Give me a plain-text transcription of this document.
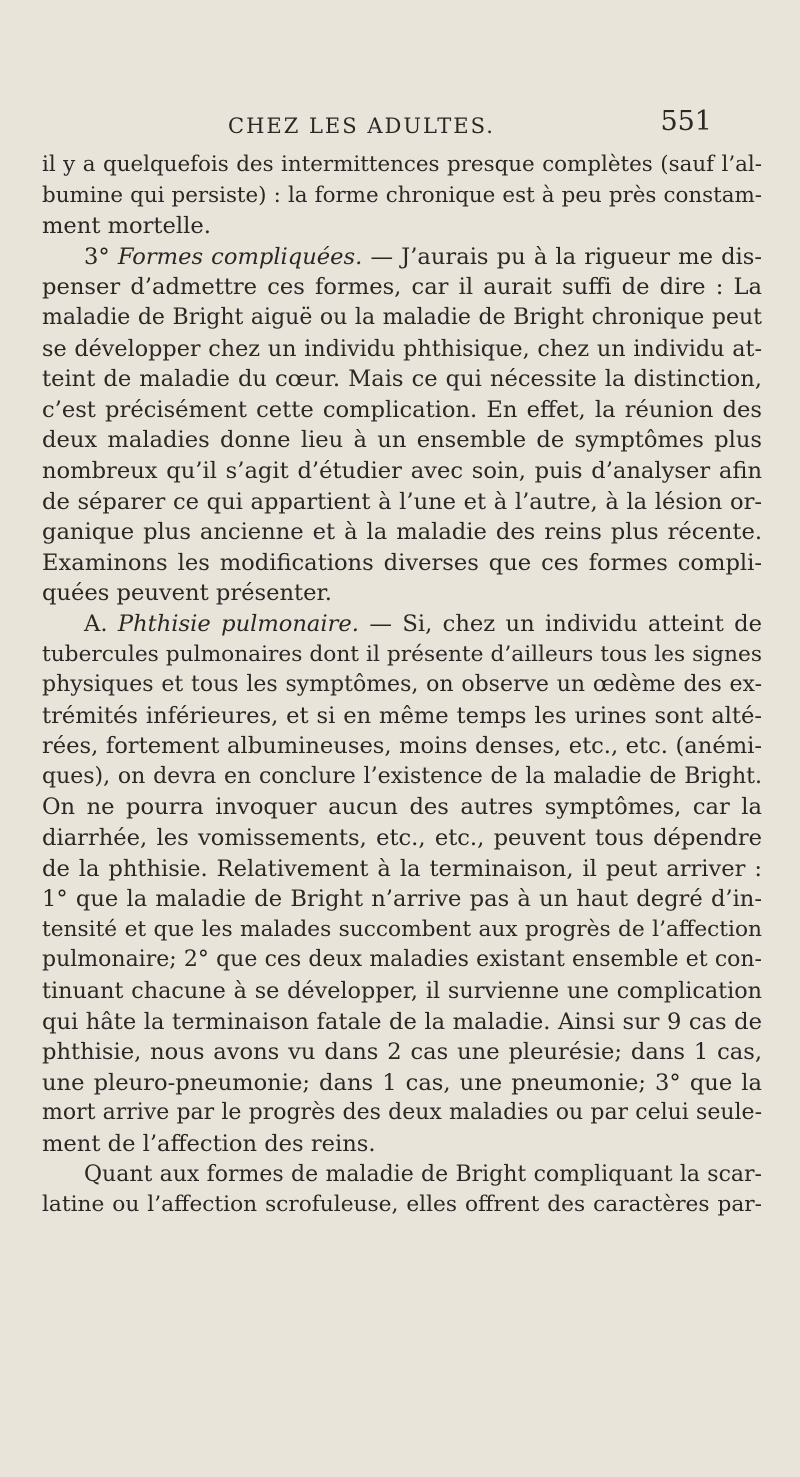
CHEZ LES ADULTES.	551
il y a quelquefois des intermittences presque complètes (sauf l’al-
bumine qui persiste) : la forme chronique est à peu près constam-
ment mortelle.
3° Formes compliquées. — J’aurais pu à la rigueur me dis-
penser d’admettre ces formes, car il aurait suffi de dire : La
maladie de Bright aiguë ou la maladie de Bright chronique peut
se développer chez un individu phthisique, chez un individu at-
teint de maladie du cœur. Mais ce qui nécessite la distinction,
c’est précisément cette complication. En effet, la réunion des
deux maladies donne lieu à un ensemble de symptômes plus
nombreux qu’il s’agit d’étudier avec soin, puis d’analyser afin
de séparer ce qui appartient à l’une et à l’autre, à la lésion or-
ganique plus ancienne et à la maladie des reins plus récente.
Examinons les modifications diverses que ces formes compli-
quées peuvent présenter.
A. Phthisie pulmonaire. — Si, chez un individu atteint de
tubercules pulmonaires dont il présente d’ailleurs tous les signes
physiques et tous les symptômes, on observe un œdème des ex-
trémités inférieures, et si en même temps les urines sont alté-
rées, fortement albumineuses, moins denses, etc., etc. (anémi-
ques), on devra en conclure l’existence de la maladie de Bright.
On ne pourra invoquer aucun des autres symptômes, car la
diarrhée, les vomissements, etc., etc., peuvent tous dépendre
de la phthisie. Relativement à la terminaison, il peut arriver :
1° que la maladie de Bright n’arrive pas à un haut degré d’in-
tensité et que les malades succombent aux progrès de l’affection
pulmonaire; 2° que ces deux maladies existant ensemble et con-
tinuant chacune à se développer, il survienne une complication
qui hâte la terminaison fatale de la maladie. Ainsi sur 9 cas de
phthisie, nous avons vu dans 2 cas une pleurésie; dans 1 cas,
une pleuro-pneumonie; dans 1 cas, une pneumonie; 3° que la
mort arrive par le progrès des deux maladies ou par celui seule-
ment de l’affection des reins.
Quant aux formes de maladie de Bright compliquant la scar-
latine ou l’affection scrofuleuse, elles offrent des caractères par-
